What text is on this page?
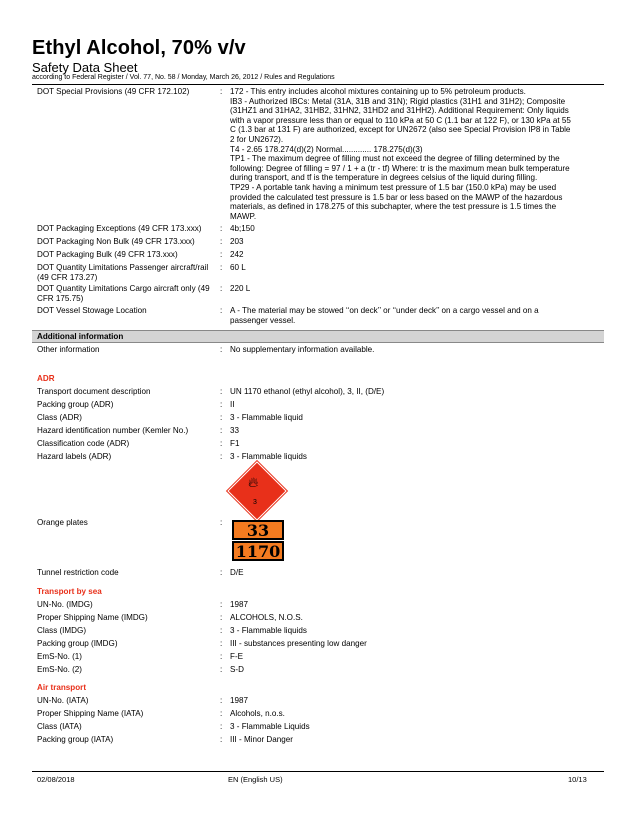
Ethyl Alcohol, 70% v/v
Safety Data Sheet
according to Federal Register / Vol. 77, No. 58 / Monday, March 26, 2012 / Rules and Regulations
DOT Special Provisions (49 CFR 172.102)	: 172 - This entry includes alcohol mixtures containing up to 5% petroleum products.
IB3 - Authorized IBCs: Metal (31A, 31B and 31N); Rigid plastics (31H1 and 31H2); Composite
(31HZ1 and 31HA2, 31HB2, 31HN2, 31HD2 and 31HH2). Additional Requirement: Only liquids
with a vapor pressure less than or equal to 110 kPa at 50 C (1.1 bar at 122 F), or 130 kPa at 55
C (1.3 bar at 131 F) are authorized, except for UN2672 (also see Special Provision IP8 in Table
2 for UN2672).
T4 - 2.65 178.274(d)(2) Normal............. 178.275(d)(3)
TP1 - The maximum degree of filling must not exceed the degree of filling determined by the
following: Degree of filling = 97 / 1 + a (tr - tf) Where: tr is the maximum mean bulk temperature
during transport, and tf is the temperature in degrees celsius of the liquid during filling.
TP29 - A portable tank having a minimum test pressure of 1.5 bar (150.0 kPa) may be used
provided the calculated test pressure is 1.5 bar or less based on the MAWP of the hazardous
materials, as defined in 178.275 of this subchapter, where the test pressure is 1.5 times the
MAWP.
DOT Packaging Exceptions (49 CFR 173.xxx)	: 4b;150
DOT Packaging Non Bulk (49 CFR 173.xxx)	: 203
DOT Packaging Bulk (49 CFR 173.xxx)	: 242
DOT Quantity Limitations Passenger aircraft/rail
(49 CFR 173.27)
: 60 L
DOT Quantity Limitations Cargo aircraft only (49
CFR 175.75)
: 220 L
DOT Vessel Stowage Location	: A - The material may be stowed ‘‘on deck’’ or ‘‘under deck’’ on a cargo vessel and on a
passenger vessel.
Additional information
Other information	: No supplementary information available.
ADR
Transport document description	: UN 1170 ethanol (ethyl alcohol), 3, II, (D/E)
Packing group (ADR)	: II
Class (ADR)	: 3 - Flammable liquid
Hazard identification number (Kemler No.)	: 33
Classification code (ADR)	: F1
Hazard labels (ADR)	: 3 - Flammable liquids
🔥︎
3
Orange plates	:	33
1170
Tunnel restriction code	: D/E
Transport by sea
UN-No. (IMDG)	: 1987
Proper Shipping Name (IMDG)	: ALCOHOLS, N.O.S.
Class (IMDG)	: 3 - Flammable liquids
Packing group (IMDG)	: III - substances presenting low danger
EmS-No. (1)	: F-E
EmS-No. (2)	: S-D
Air transport
UN-No. (IATA)	: 1987
Proper Shipping Name (IATA)	: Alcohols, n.o.s.
Class (IATA)	: 3 - Flammable Liquids
Packing group (IATA)	: III - Minor Danger
02/08/2018	EN (English US)	10/13
